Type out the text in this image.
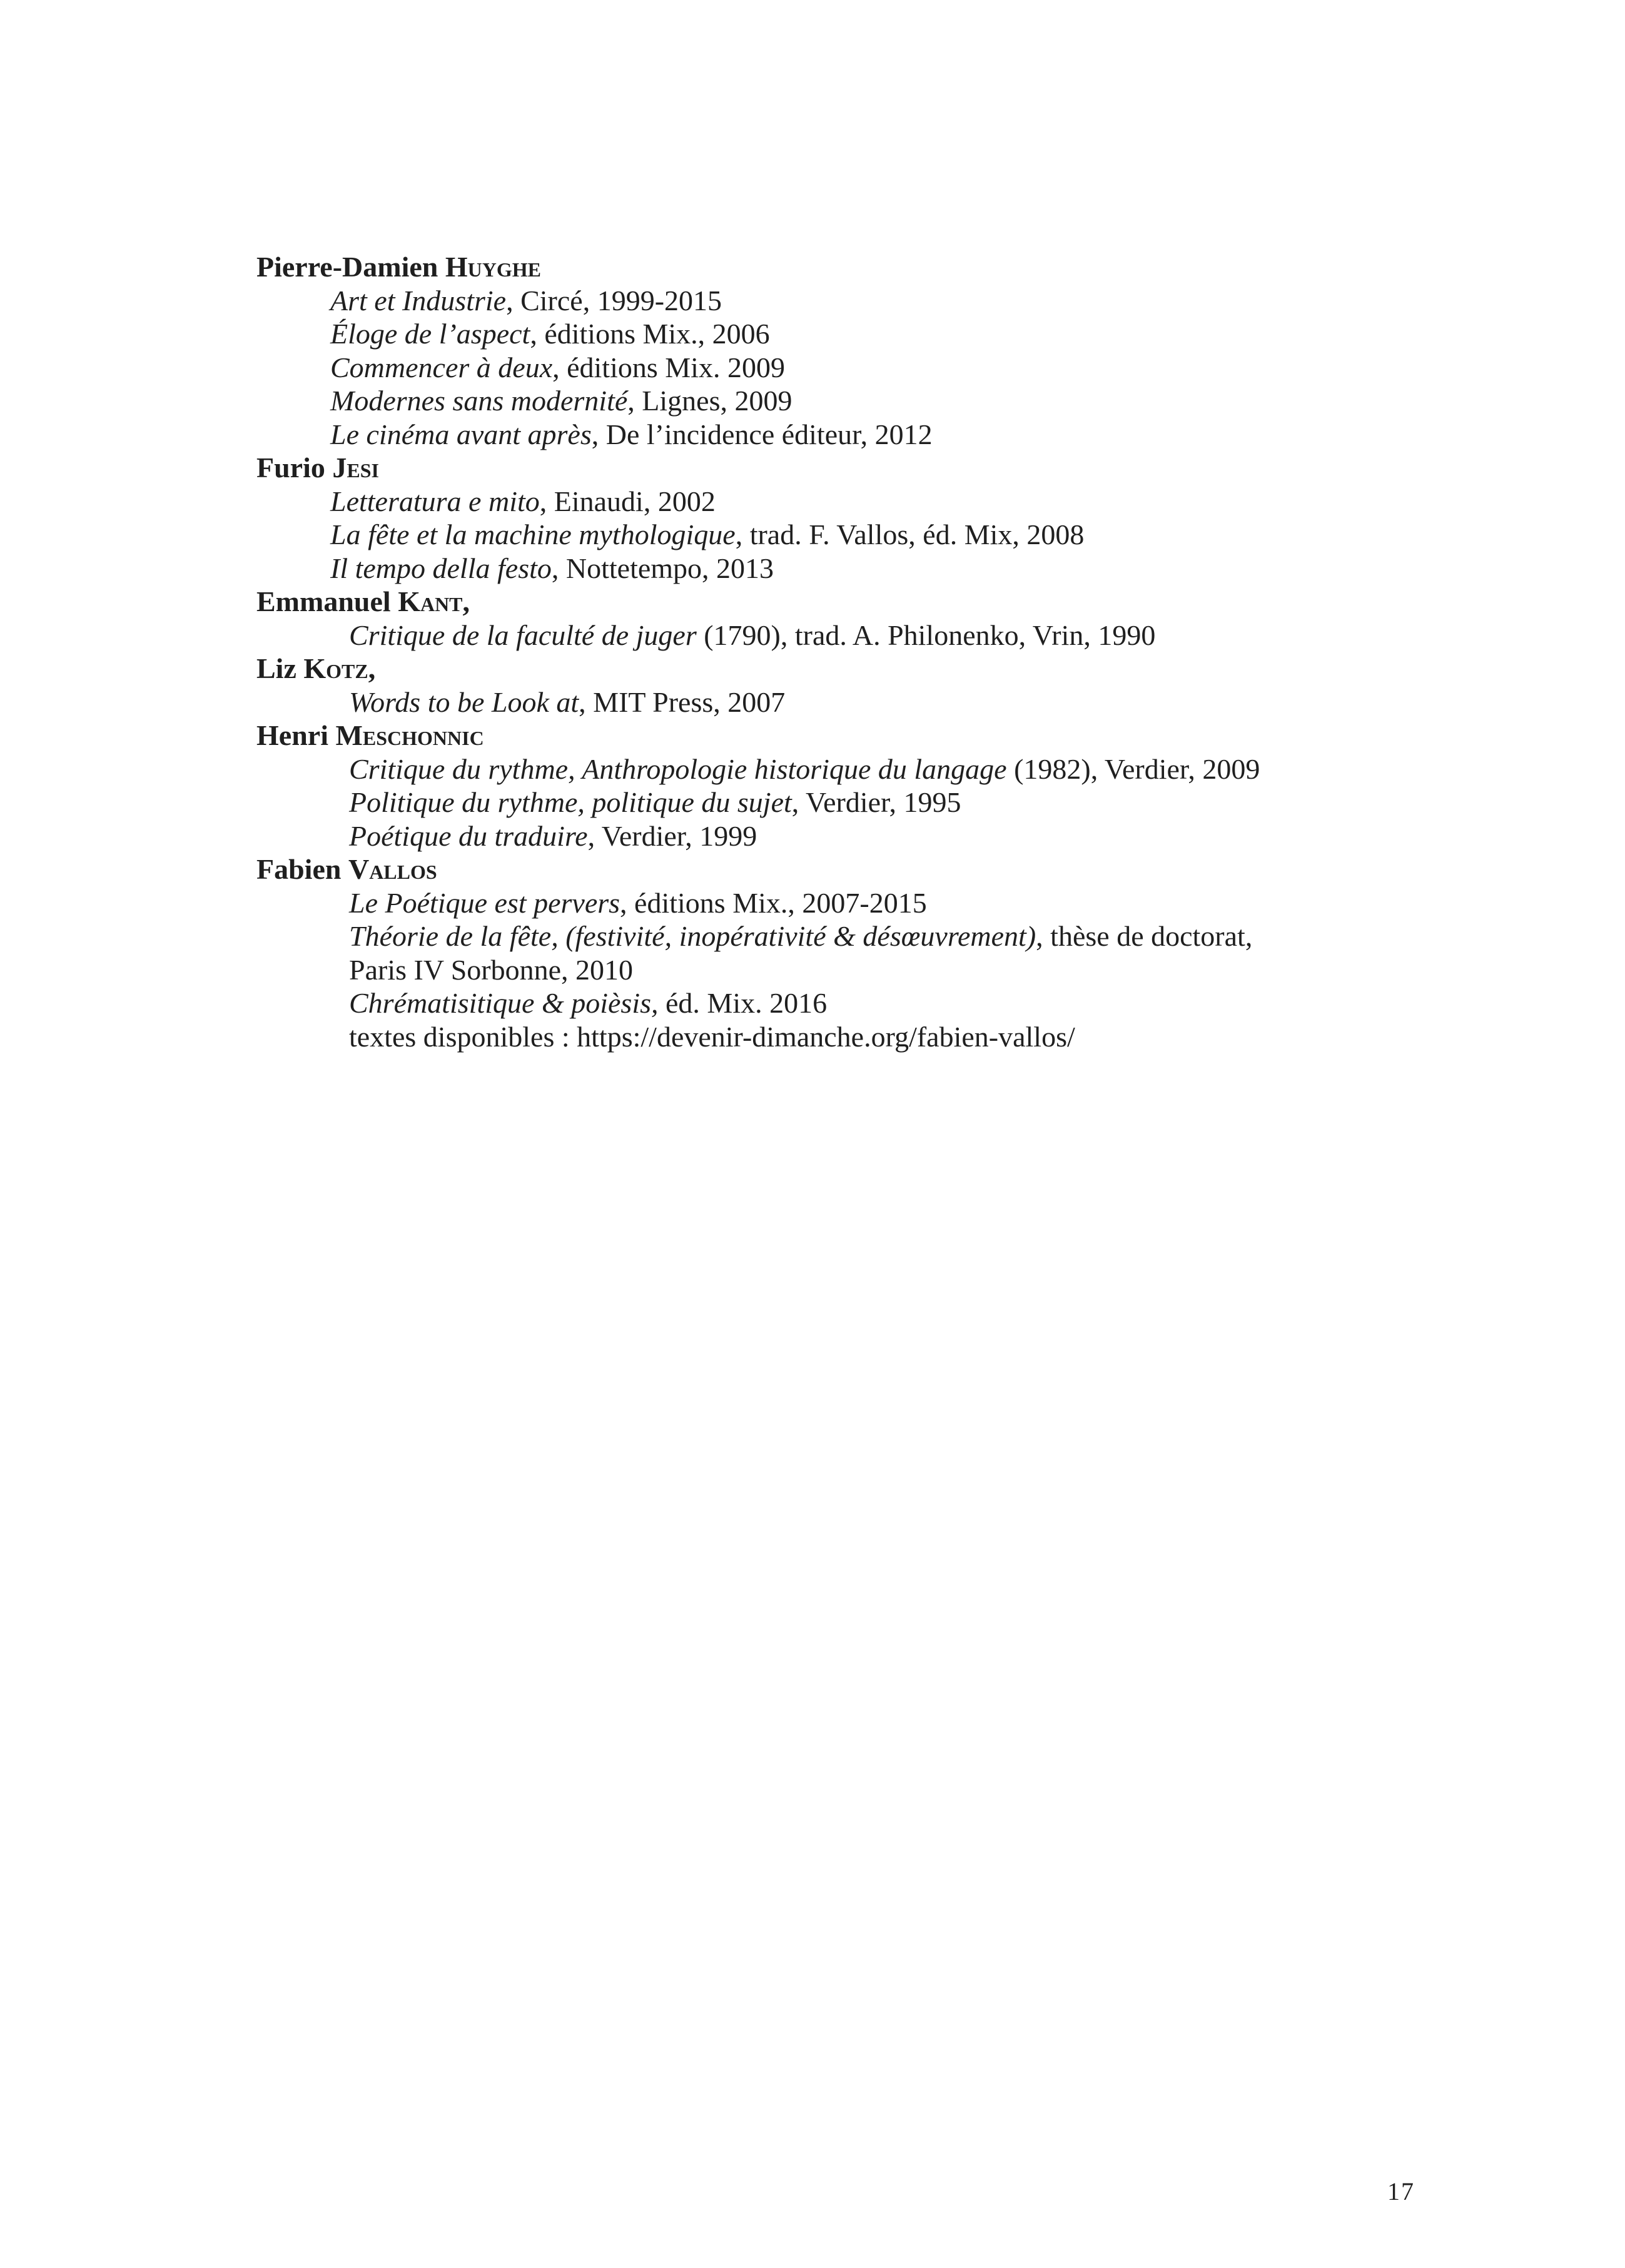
Pierre-Damien Huyghe
Art et Industrie, Circé, 1999-2015
Éloge de l’aspect, éditions Mix., 2006
Commencer à deux, éditions Mix. 2009
Modernes sans modernité, Lignes, 2009
Le cinéma avant après, De l’incidence éditeur, 2012
Furio Jesi
Letteratura e mito, Einaudi, 2002
La fête et la machine mythologique, trad. F. Vallos, éd. Mix, 2008
Il tempo della festo, Nottetempo, 2013
Emmanuel Kant,
Critique de la faculté de juger (1790), trad. A. Philonenko, Vrin, 1990
Liz Kotz,
Words to be Look at, MIT Press, 2007
Henri Meschonnic
Critique du rythme, Anthropologie historique du langage (1982), Verdier, 2009
Politique du rythme, politique du sujet, Verdier, 1995
Poétique du traduire, Verdier, 1999
Fabien Vallos
Le Poétique est pervers, éditions Mix., 2007-2015
Théorie de la fête, (festivité, inopérativité & désœuvrement), thèse de doctorat, Paris IV Sorbonne, 2010
Chrématisitique & poièsis, éd. Mix. 2016
textes disponibles : https://devenir-dimanche.org/fabien-vallos/
17
